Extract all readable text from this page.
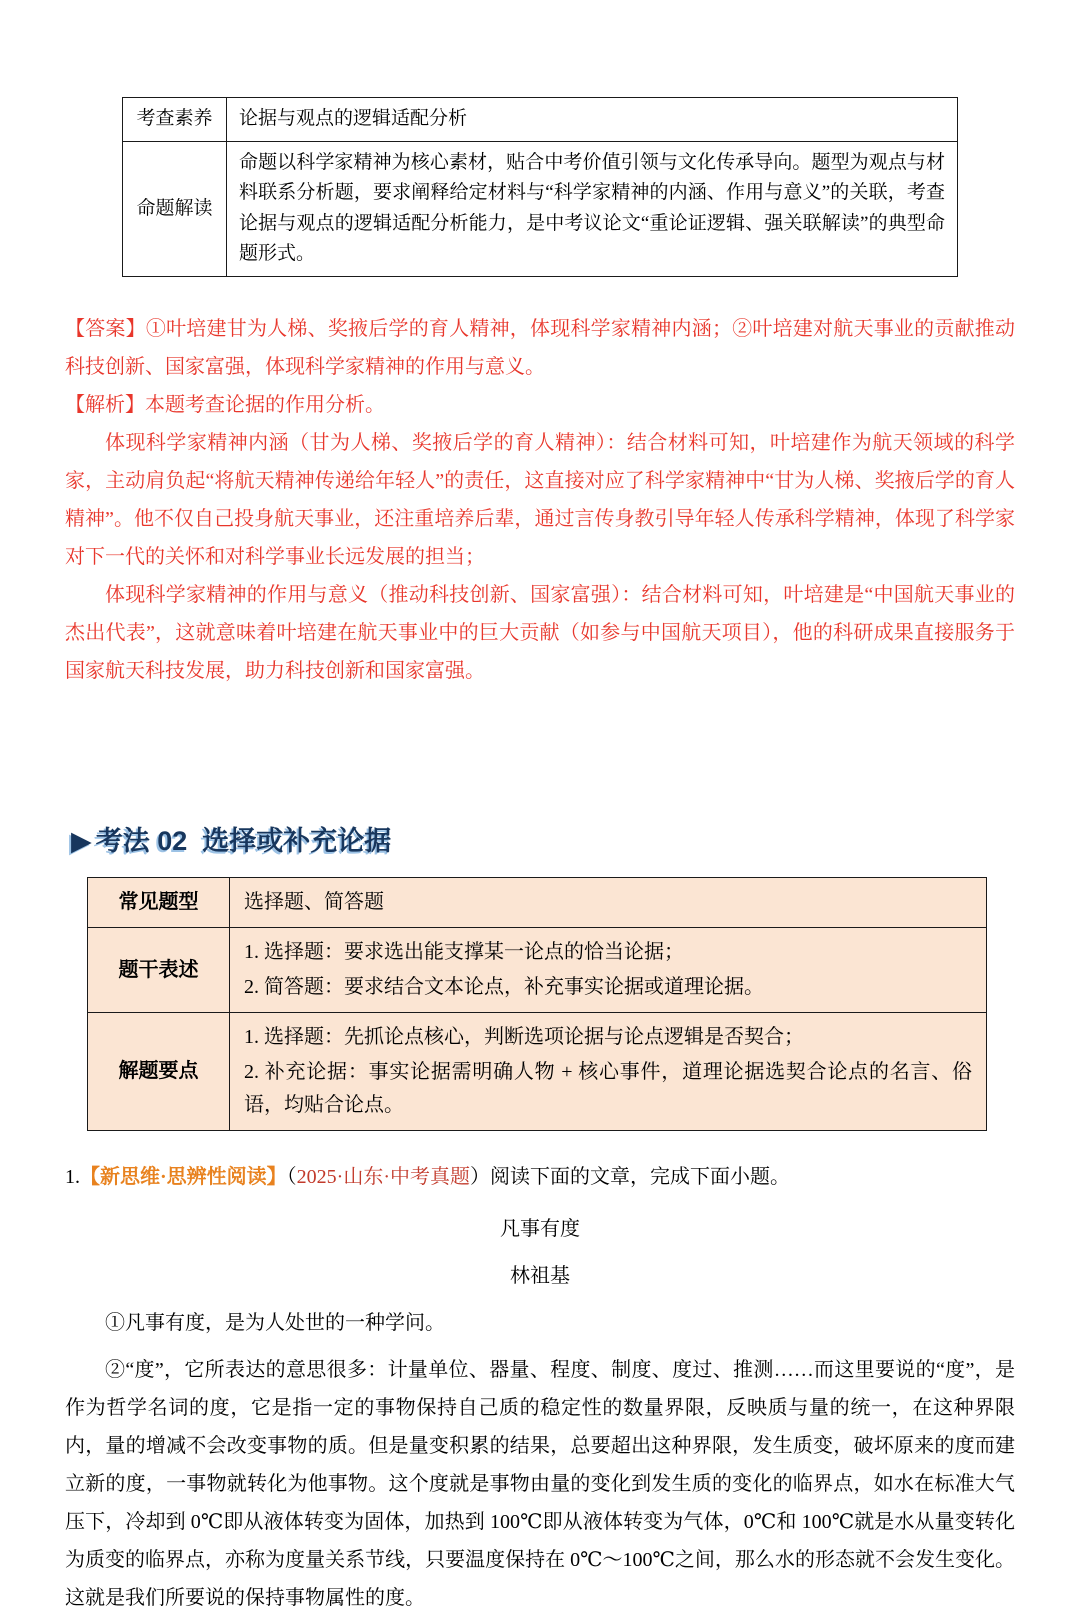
考查素养	论据与观点的逻辑适配分析
命题解读	命题以科学家精神为核心素材，贴合中考价值引领与文化传承导向。题型为观点与材料联系分析题，要求阐释给定材料与“科学家精神的内涵、作用与意义”的关联，考查论据与观点的逻辑适配分析能力，是中考议论文“重论证逻辑、强关联解读”的典型命题形式。

【答案】①叶培建甘为人梯、奖掖后学的育人精神，体现科学家精神内涵；②叶培建对航天事业的贡献推动科技创新、国家富强，体现科学家精神的作用与意义。

【解析】本题考查论据的作用分析。

体现科学家精神内涵（甘为人梯、奖掖后学的育人精神）：结合材料可知，叶培建作为航天领域的科学家，主动肩负起“将航天精神传递给年轻人”的责任，这直接对应了科学家精神中“甘为人梯、奖掖后学的育人精神”。他不仅自己投身航天事业，还注重培养后辈，通过言传身教引导年轻人传承科学精神，体现了科学家对下一代的关怀和对科学事业长远发展的担当；

体现科学家精神的作用与意义（推动科技创新、国家富强）：结合材料可知，叶培建是“中国航天事业的杰出代表”，这就意味着叶培建在航天事业中的巨大贡献（如参与中国航天项目），他的科研成果直接服务于国家航天科技发展，助力科技创新和国家富强。

▶ 考法 02  选择或补充论据
常见题型	选择题、简答题

题干表述	1. 选择题：要求选出能支撑某一论点的恰当论据；
2. 简答题：要求结合文本论点，补充事实论据或道理论据。

解题要点	1. 选择题：先抓论点核心，判断选项论据与论点逻辑是否契合；
2. 补充论据：事实论据需明确人物 + 核心事件，道理论据选契合论点的名言、俗语，均贴合论点。

1.【新思维·思辨性阅读】（2025·山东·中考真题）阅读下面的文章，完成下面小题。

凡事有度
林祖基

①凡事有度，是为人处世的一种学问。

②“度”，它所表达的意思很多：计量单位、器量、程度、制度、度过、推测……而这里要说的“度”，是作为哲学名词的度，它是指一定的事物保持自己质的稳定性的数量界限，反映质与量的统一，在这种界限内，量的增减不会改变事物的质。但是量变积累的结果，总要超出这种界限，发生质变，破坏原来的度而建立新的度，一事物就转化为他事物。这个度就是事物由量的变化到发生质的变化的临界点，如水在标准大气压下，冷却到 0℃即从液体转变为固体，加热到 100℃即从液体转变为气体，0℃和 100℃就是水从量变转化为质变的临界点，亦称为度量关系节线，只要温度保持在 0℃～100℃之间，那么水的形态就不会发生变化。这就是我们所要说的保持事物属性的度。
